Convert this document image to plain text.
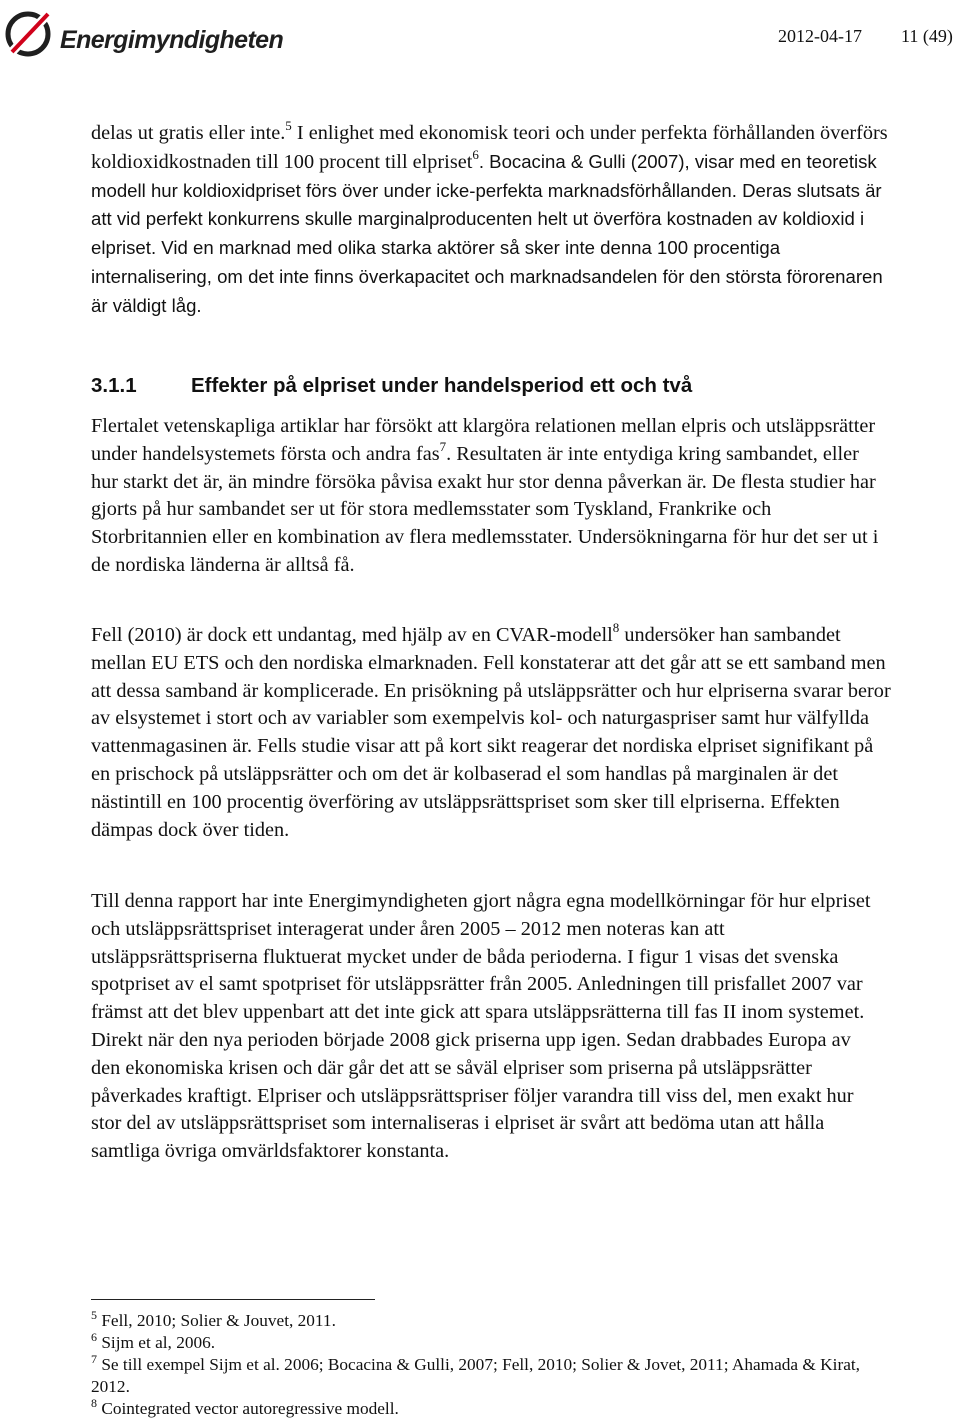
Energimyndigheten	2012-04-17 11 (49)

delas ut gratis eller inte.$^5$ I enlighet med ekonomisk teori och under perfekta förhållanden överförs koldioxidkostnaden till 100 procent till elpriset$^6$. Bocacina & Gulli (2007), visar med en teoretisk modell hur koldioxidpriset förs över under icke-perfekta marknadsförhållanden. Deras slutsats är att vid perfekt konkurrens skulle marginalproducenten helt ut överföra kostnaden av koldioxid i elpriset. Vid en marknad med olika starka aktörer så sker inte denna 100 procentiga internalisering, om det inte finns överkapacitet och marknadsandelen för den största förorenaren är väldigt låg.

3.1.1	Effekter på elpriset under handelsperiod ett och två

Flertalet vetenskapliga artiklar har försökt att klargöra relationen mellan elpris och utsläppsrätter under handelsystemets första och andra fas$^7$. Resultaten är inte entydiga kring sambandet, eller hur starkt det är, än mindre försöka påvisa exakt hur stor denna påverkan är. De flesta studier har gjorts på hur sambandet ser ut för stora medlemsstater som Tyskland, Frankrike och Storbritannien eller en kombination av flera medlemsstater. Undersökningarna för hur det ser ut i de nordiska länderna är alltså få.

Fell (2010) är dock ett undantag, med hjälp av en CVAR-modell$^8$ undersöker han sambandet mellan EU ETS och den nordiska elmarknaden. Fell konstaterar att det går att se ett samband men att dessa samband är komplicerade. En prisökning på utsläppsrätter och hur elpriserna svarar beror av elsystemet i stort och av variabler som exempelvis kol- och naturgaspriser samt hur välfyllda vattenmagasinen är. Fells studie visar att på kort sikt reagerar det nordiska elpriset signifikant på en prischock på utsläppsrätter och om det är kolbaserad el som handlas på marginalen är det nästintill en 100 procentig överföring av utsläppsrättspriset som sker till elpriserna. Effekten dämpas dock över tiden.

Till denna rapport har inte Energimyndigheten gjort några egna modellkörningar för hur elpriset och utsläppsrättspriset interagerat under åren 2005 – 2012 men noteras kan att utsläppsrättspriserna fluktuerat mycket under de båda perioderna. I figur 1 visas det svenska spotpriset av el samt spotpriset för utsläppsrätter från 2005. Anledningen till prisfallet 2007 var främst att det blev uppenbart att det inte gick att spara utsläppsrätterna till fas II inom systemet. Direkt när den nya perioden började 2008 gick priserna upp igen. Sedan drabbades Europa av den ekonomiska krisen och där går det att se såväl elpriser som priserna på utsläppsrätter påverkades kraftigt. Elpriser och utsläppsrättspriser följer varandra till viss del, men exakt hur stor del av utsläppsrättspriset som internaliseras i elpriset är svårt att bedöma utan att hålla samtliga övriga omvärldsfaktorer konstanta.

$^5$ Fell, 2010; Solier & Jouvet, 2011.
$^6$ Sijm et al, 2006.
$^7$ Se till exempel Sijm et al. 2006; Bocacina & Gulli, 2007; Fell, 2010; Solier & Jovet, 2011; Ahamada & Kirat, 2012.
$^8$ Cointegrated vector autoregressive modell.
